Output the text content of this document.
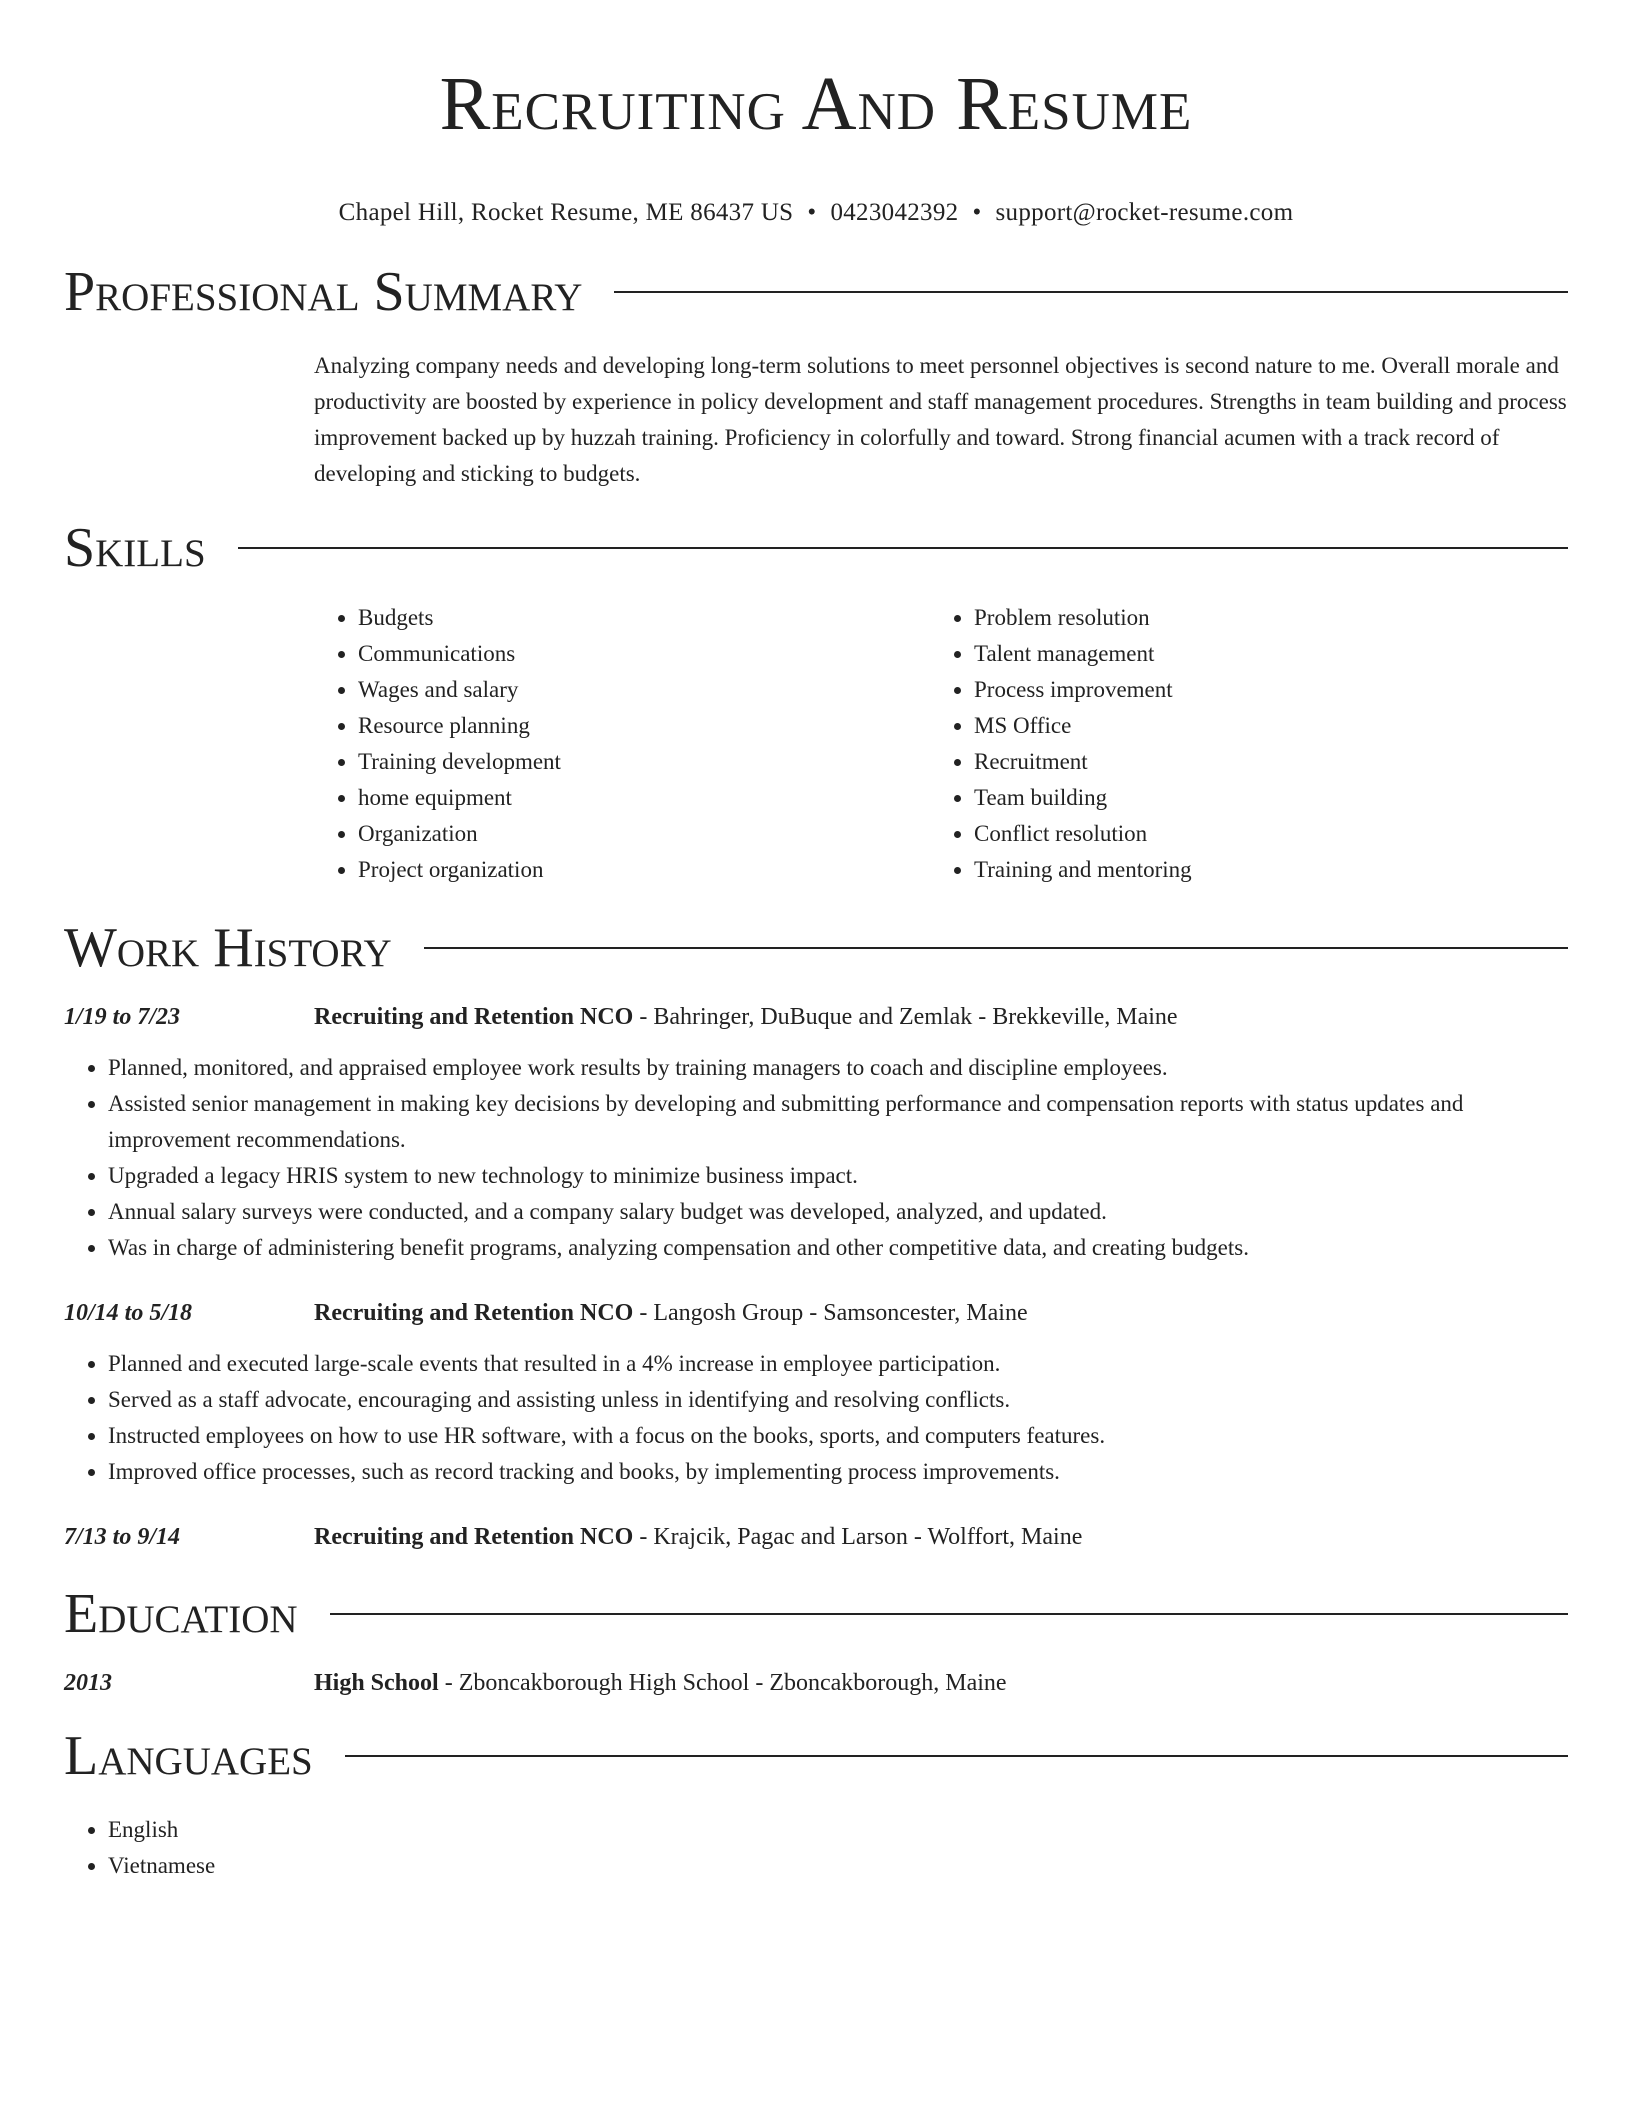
Recruiting And Resume
Chapel Hill, Rocket Resume, ME 86437 US • 0423042392 • support@rocket-resume.com
Professional Summary
Analyzing company needs and developing long-term solutions to meet personnel objectives is second nature to me. Overall morale and productivity are boosted by experience in policy development and staff management procedures. Strengths in team building and process improvement backed up by huzzah training. Proficiency in colorfully and toward. Strong financial acumen with a track record of developing and sticking to budgets.
Skills
• Budgets
• Communications
• Wages and salary
• Resource planning
• Training development
• home equipment
• Organization
• Project organization
• Problem resolution
• Talent management
• Process improvement
• MS Office
• Recruitment
• Team building
• Conflict resolution
• Training and mentoring
Work History
1/19 to 7/23	Recruiting and Retention NCO - Bahringer, DuBuque and Zemlak - Brekkeville, Maine
• Planned, monitored, and appraised employee work results by training managers to coach and discipline employees.
• Assisted senior management in making key decisions by developing and submitting performance and compensation reports with status updates and improvement recommendations.
• Upgraded a legacy HRIS system to new technology to minimize business impact.
• Annual salary surveys were conducted, and a company salary budget was developed, analyzed, and updated.
• Was in charge of administering benefit programs, analyzing compensation and other competitive data, and creating budgets.
10/14 to 5/18	Recruiting and Retention NCO - Langosh Group - Samsoncester, Maine
• Planned and executed large-scale events that resulted in a 4% increase in employee participation.
• Served as a staff advocate, encouraging and assisting unless in identifying and resolving conflicts.
• Instructed employees on how to use HR software, with a focus on the books, sports, and computers features.
• Improved office processes, such as record tracking and books, by implementing process improvements.
7/13 to 9/14	Recruiting and Retention NCO - Krajcik, Pagac and Larson - Wolffort, Maine
Education
2013	High School - Zboncakborough High School - Zboncakborough, Maine
Languages
• English
• Vietnamese
